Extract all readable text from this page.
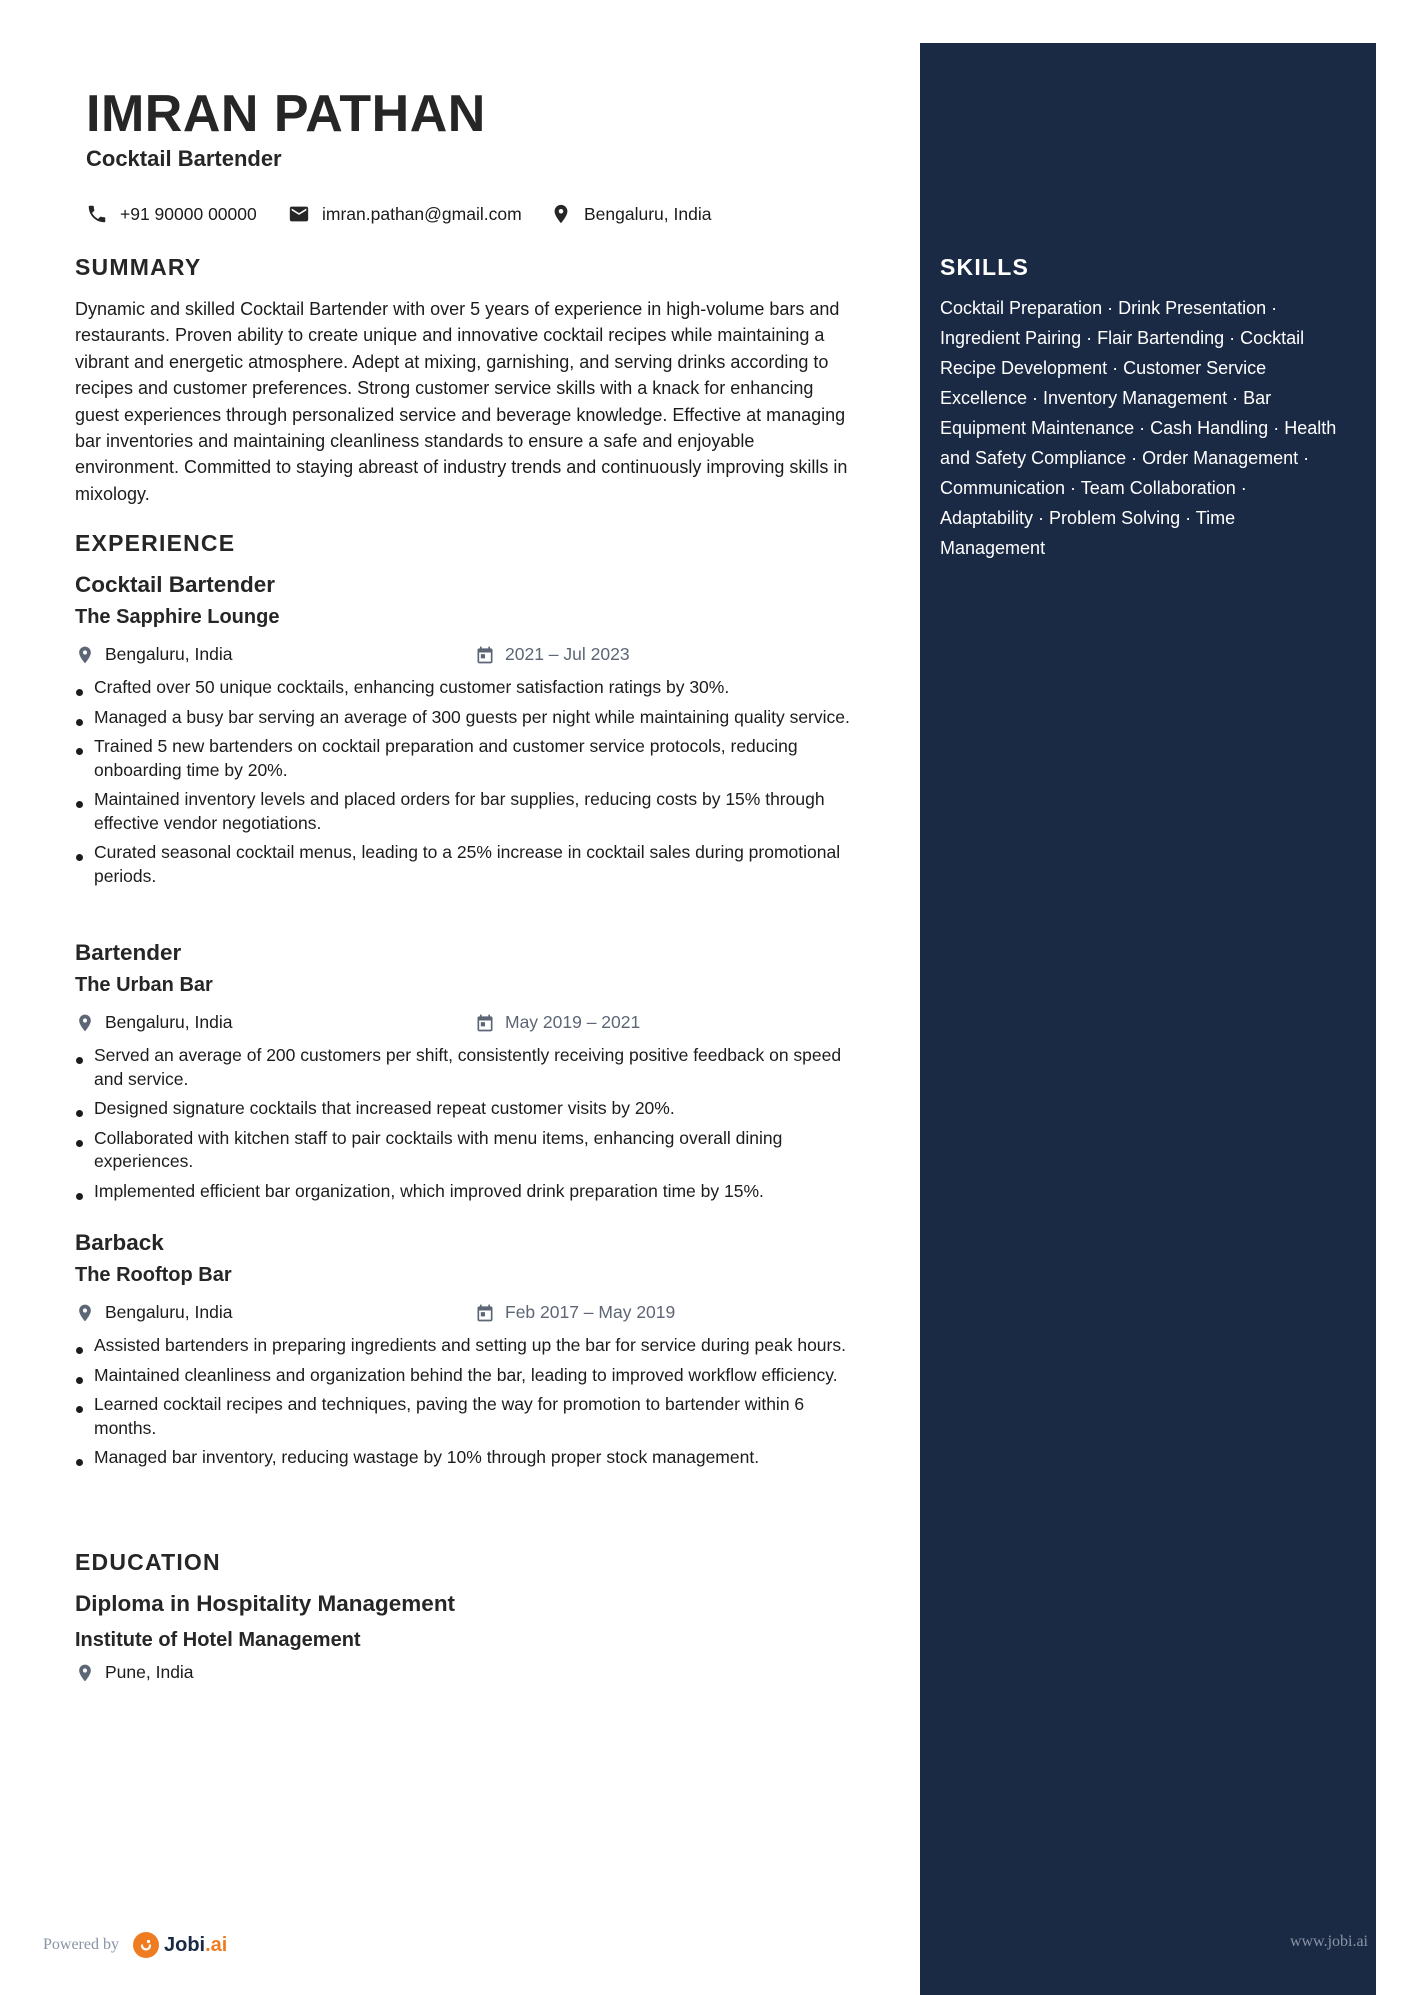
IMRAN PATHAN
Cocktail Bartender
+91 90000 00000	imran.pathan@gmail.com	Bengaluru, India
SUMMARY

Dynamic and skilled Cocktail Bartender with over 5 years of experience in high-volume bars and restaurants. Proven ability to create unique and innovative cocktail recipes while maintaining a vibrant and energetic atmosphere. Adept at mixing, garnishing, and serving drinks according to recipes and customer preferences. Strong customer service skills with a knack for enhancing guest experiences through personalized service and beverage knowledge. Effective at managing bar inventories and maintaining cleanliness standards to ensure a safe and enjoyable environment. Committed to staying abreast of industry trends and continuously improving skills in mixology.

EXPERIENCE
Cocktail Bartender
The Sapphire Lounge
Bengaluru, India	2021 – Jul 2023
Crafted over 50 unique cocktails, enhancing customer satisfaction ratings by 30%.
Managed a busy bar serving an average of 300 guests per night while maintaining quality service.
Trained 5 new bartenders on cocktail preparation and customer service protocols, reducing onboarding time by 20%.
Maintained inventory levels and placed orders for bar supplies, reducing costs by 15% through effective vendor negotiations.
Curated seasonal cocktail menus, leading to a 25% increase in cocktail sales during promotional periods.
Bartender
The Urban Bar
Bengaluru, India	May 2019 – 2021
Served an average of 200 customers per shift, consistently receiving positive feedback on speed and service.
Designed signature cocktails that increased repeat customer visits by 20%.
Collaborated with kitchen staff to pair cocktails with menu items, enhancing overall dining experiences.
Implemented efficient bar organization, which improved drink preparation time by 15%.
Barback
The Rooftop Bar
Bengaluru, India	Feb 2017 – May 2019
Assisted bartenders in preparing ingredients and setting up the bar for service during peak hours.
Maintained cleanliness and organization behind the bar, leading to improved workflow efficiency.
Learned cocktail recipes and techniques, paving the way for promotion to bartender within 6 months.
Managed bar inventory, reducing wastage by 10% through proper stock management.
EDUCATION
Diploma in Hospitality Management
Institute of Hotel Management
Pune, India
SKILLS

Cocktail Preparation · Drink Presentation · Ingredient Pairing · Flair Bartending · Cocktail Recipe Development · Customer Service Excellence · Inventory Management · Bar Equipment Maintenance · Cash Handling · Health and Safety Compliance · Order Management · Communication · Team Collaboration · Adaptability · Problem Solving · Time Management

Powered by Jobi.ai	www.jobi.ai
